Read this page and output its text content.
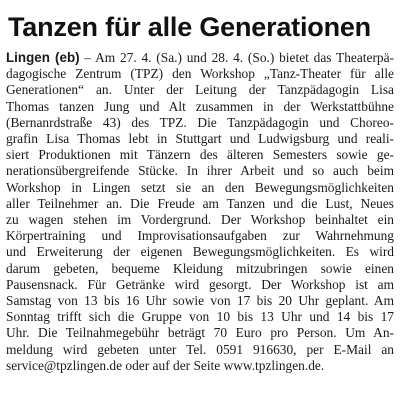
Tanzen für alle Generationen
Lingen (eb) – Am 27. 4. (Sa.) und 28. 4. (So.) bietet das Theaterpä-
dagogische Zentrum (TPZ) den Workshop „Tanz-Theater für alle
Generationen“ an. Unter der Leitung der Tanzpädagogin Lisa
Thomas tanzen Jung und Alt zusammen in der Werkstattbühne
(Bernanrdstraße 43) des TPZ. Die Tanzpädagogin und Choreo-
grafin Lisa Thomas lebt in Stuttgart und Ludwigsburg und reali-
siert Produktionen mit Tänzern des älteren Semesters sowie ge-
nerationsübergreifende Stücke. In ihrer Arbeit und so auch beim
Workshop in Lingen setzt sie an den Bewegungsmöglichkeiten
aller Teilnehmer an. Die Freude am Tanzen und die Lust, Neues
zu wagen stehen im Vordergrund. Der Workshop beinhaltet ein
Körpertraining und Improvisationsaufgaben zur Wahrnehmung
und Erweiterung der eigenen Bewegungsmöglichkeiten. Es wird
darum gebeten, bequeme Kleidung mitzubringen sowie einen
Pausensnack. Für Getränke wird gesorgt. Der Workshop ist am
Samstag von 13 bis 16 Uhr sowie von 17 bis 20 Uhr geplant. Am
Sonntag trifft sich die Gruppe von 10 bis 13 Uhr und 14 bis 17
Uhr. Die Teilnahmegebühr beträgt 70 Euro pro Person. Um An-
meldung wird gebeten unter Tel. 0591 916630, per E-Mail an
service@tpzlingen.de oder auf der Seite www.tpzlingen.de.
